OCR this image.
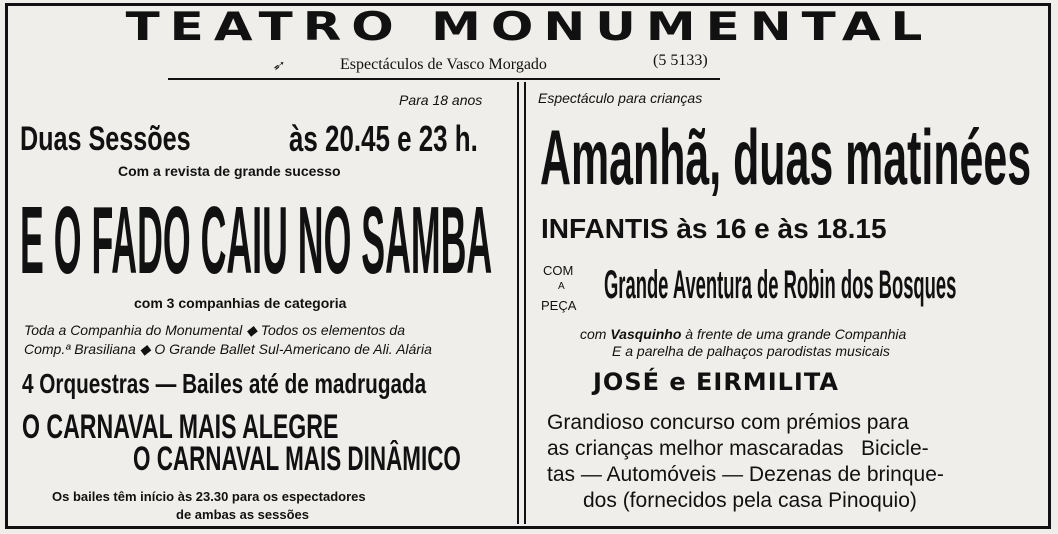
TEATRO MONUMENTAL
➶	Espectáculos de Vasco Morgado	(5 5133)
Para 18 anos
Duas Sessões	às 20.45 e 23 h.
Com a revista de grande sucesso
E O FADO CAIU NO SAMBA
com 3 companhias de categoria
Toda a Companhia do Monumental ◆ Todos os elementos da
Comp.ª Brasiliana ◆ O Grande Ballet Sul-Americano de Ali. Alária
4 Orquestras — Bailes até de madrugada
O CARNAVAL MAIS ALEGRE
O CARNAVAL MAIS DINÂMICO
Os bailes têm início às 23.30 para os espectadores
de ambas as sessões
Espectáculo para crianças
Amanhã, duas matinées
INFANTIS às 16 e às 18.15
COM
A
PEÇA Grande Aventura de Robin dos Bosques
com Vasquinho à frente de uma grande Companhia
E a parelha de palhaços parodistas musicais
JOSÉ e EIRMILITA
Grandioso concurso com prémios para
as crianças melhor mascaradas   Biciclе-
tas — Automóveis — Dezenas de brinque-
dos (fornecidos pela casa Pinoquio)
